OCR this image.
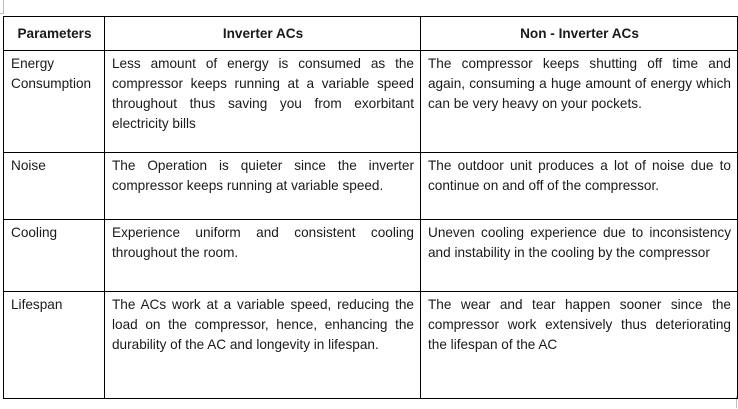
Parameters	Inverter ACs	Non - Inverter ACs
Energy Consumption	Less amount of energy is consumed as the compressor keeps running at a variable speed throughout thus saving you from exorbitant electricity bills	The compressor keeps shutting off time and again, consuming a huge amount of energy which can be very heavy on your pockets.

Noise	The Operation is quieter since the inverter compressor keeps running at variable speed.	The outdoor unit produces a lot of noise due to continue on and off of the compressor.

Cooling	Experience uniform and consistent cooling throughout the room.	Uneven cooling experience due to inconsistency and instability in the cooling by the compressor

Lifespan	The ACs work at a variable speed, reducing the load on the compressor, hence, enhancing the durability of the AC and longevity in lifespan.	The wear and tear happen sooner since the compressor work extensively thus deteriorating the lifespan of the AC
